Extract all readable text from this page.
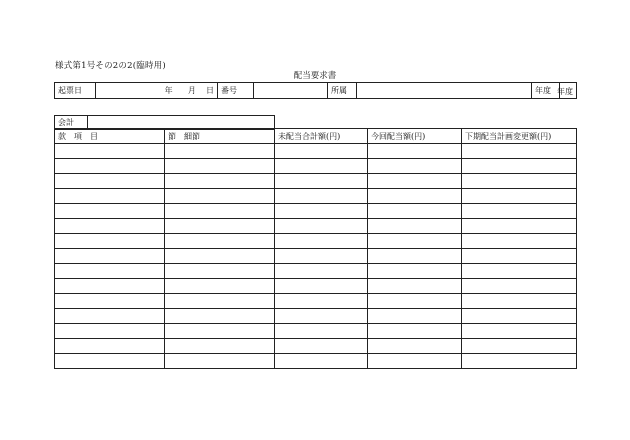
様式第1号その2の2(臨時用)
配当要求書
起票日	年 月 日	番号		所属		年度	年度
会計	
款　項　目	節　細節	未配当合計額(円)	今回配当額(円)	下期配当計画変更額(円)
